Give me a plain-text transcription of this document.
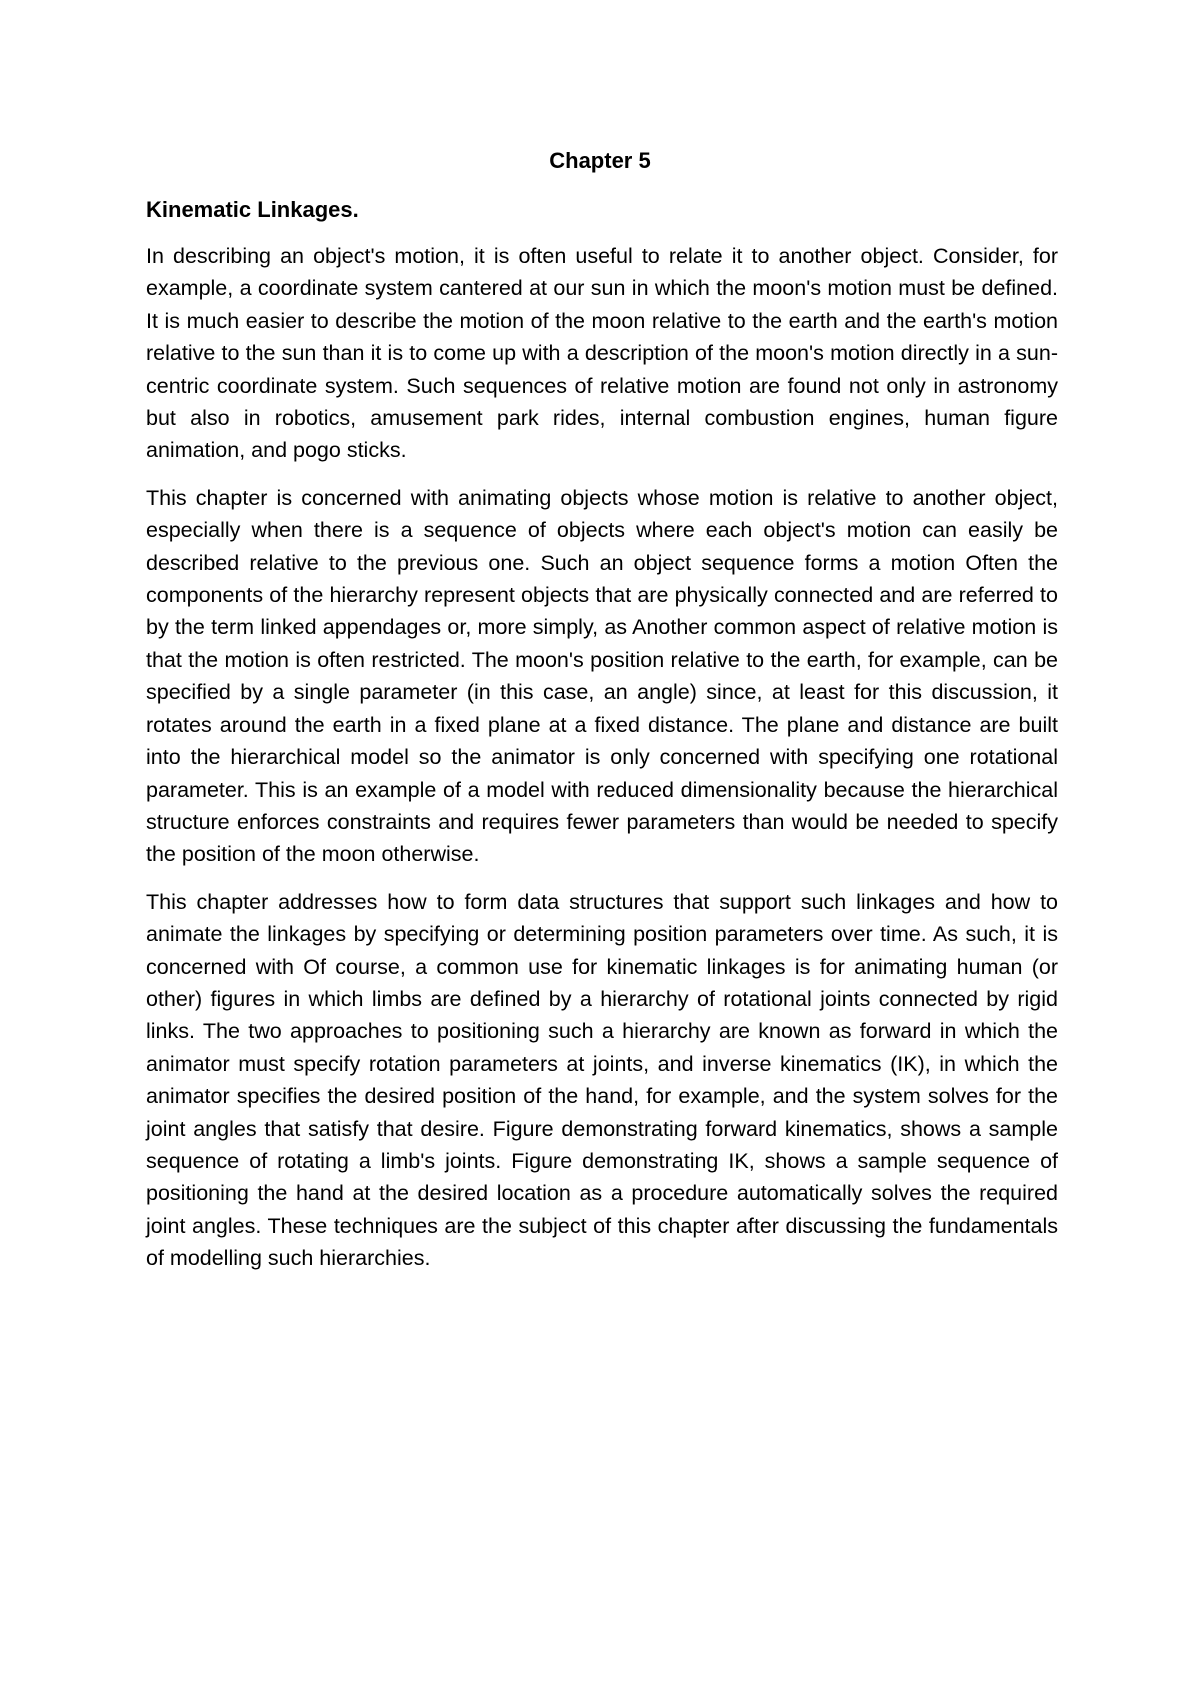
Chapter 5
Kinematic Linkages.

In describing an object's motion, it is often useful to relate it to another object. Consider, for example, a coordinate system cantered at our sun in which the moon's motion must be defined. It is much easier to describe the motion of the moon relative to the earth and the earth's motion relative to the sun than it is to come up with a description of the moon's motion directly in a sun-centric coordinate system. Such sequences of relative motion are found not only in astronomy but also in robotics, amusement park rides, internal combustion engines, human figure animation, and pogo sticks.

This chapter is concerned with animating objects whose motion is relative to another object, especially when there is a sequence of objects where each object's motion can easily be described relative to the previous one. Such an object sequence forms a motion Often the components of the hierarchy represent objects that are physically connected and are referred to by the term linked appendages or, more simply, as Another common aspect of relative motion is that the motion is often restricted. The moon's position relative to the earth, for example, can be specified by a single parameter (in this case, an angle) since, at least for this discussion, it rotates around the earth in a fixed plane at a fixed distance. The plane and distance are built into the hierarchical model so the animator is only concerned with specifying one rotational parameter. This is an example of a model with reduced dimensionality because the hierarchical structure enforces constraints and requires fewer parameters than would be needed to specify the position of the moon otherwise.

This chapter addresses how to form data structures that support such linkages and how to animate the linkages by specifying or determining position parameters over time. As such, it is concerned with Of course, a common use for kinematic linkages is for animating human (or other) figures in which limbs are defined by a hierarchy of rotational joints connected by rigid links. The two approaches to positioning such a hierarchy are known as forward in which the animator must specify rotation parameters at joints, and inverse kinematics (IK), in which the animator specifies the desired position of the hand, for example, and the system solves for the joint angles that satisfy that desire. Figure demonstrating forward kinematics, shows a sample sequence of rotating a limb's joints. Figure demonstrating IK, shows a sample sequence of positioning the hand at the desired location as a procedure automatically solves the required joint angles. These techniques are the subject of this chapter after discussing the fundamentals of modelling such hierarchies.
